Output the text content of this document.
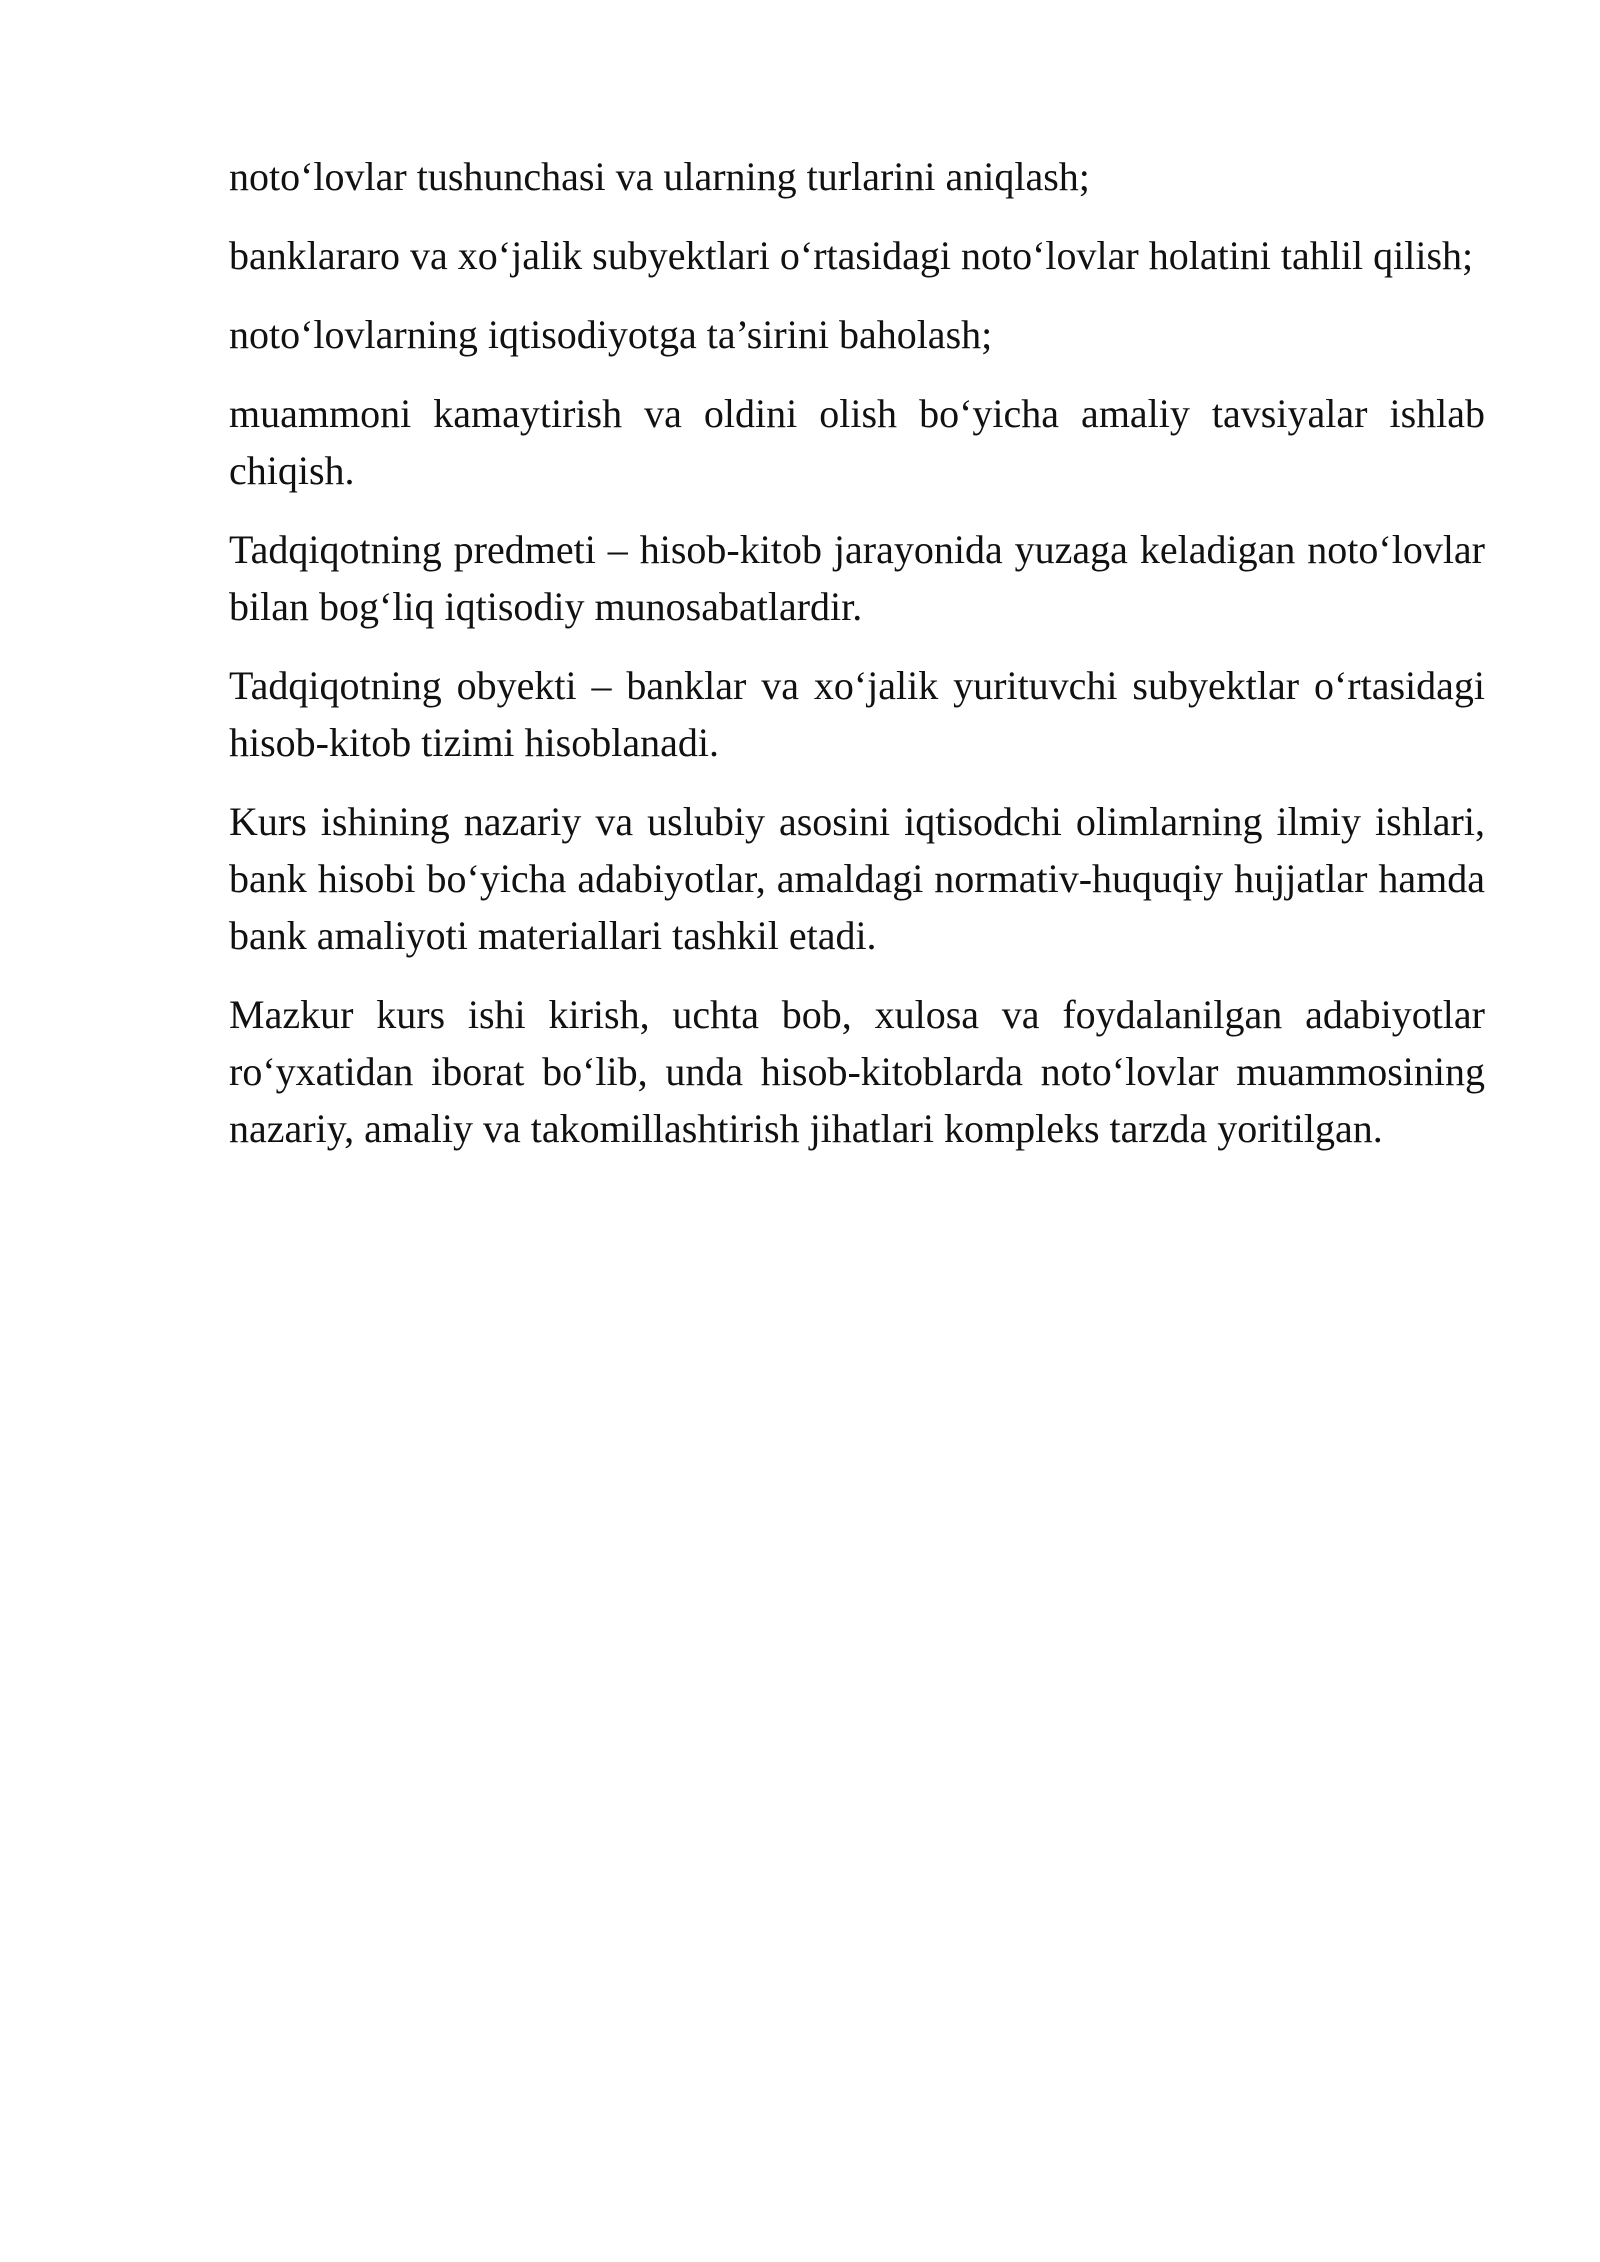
noto‘lovlar tushunchasi va ularning turlarini aniqlash;

banklararo va xo‘jalik subyektlari o‘rtasidagi noto‘lovlar holatini tahlil qilish;

noto‘lovlarning iqtisodiyotga ta’sirini baholash;

muammoni kamaytirish va oldini olish bo‘yicha amaliy tavsiyalar ishlab chiqish.

Tadqiqotning predmeti – hisob-kitob jarayonida yuzaga keladigan noto‘lovlar bilan bog‘liq iqtisodiy munosabatlardir.

Tadqiqotning obyekti – banklar va xo‘jalik yurituvchi subyektlar o‘rtasidagi hisob-kitob tizimi hisoblanadi.

Kurs ishining nazariy va uslubiy asosini iqtisodchi olimlarning ilmiy ishlari, bank hisobi bo‘yicha adabiyotlar, amaldagi normativ-huquqiy hujjatlar hamda bank amaliyoti materiallari tashkil etadi.

Mazkur kurs ishi kirish, uchta bob, xulosa va foydalanilgan adabiyotlar ro‘yxatidan iborat bo‘lib, unda hisob-kitoblarda noto‘lovlar muammosining nazariy, amaliy va takomillashtirish jihatlari kompleks tarzda yoritilgan.
